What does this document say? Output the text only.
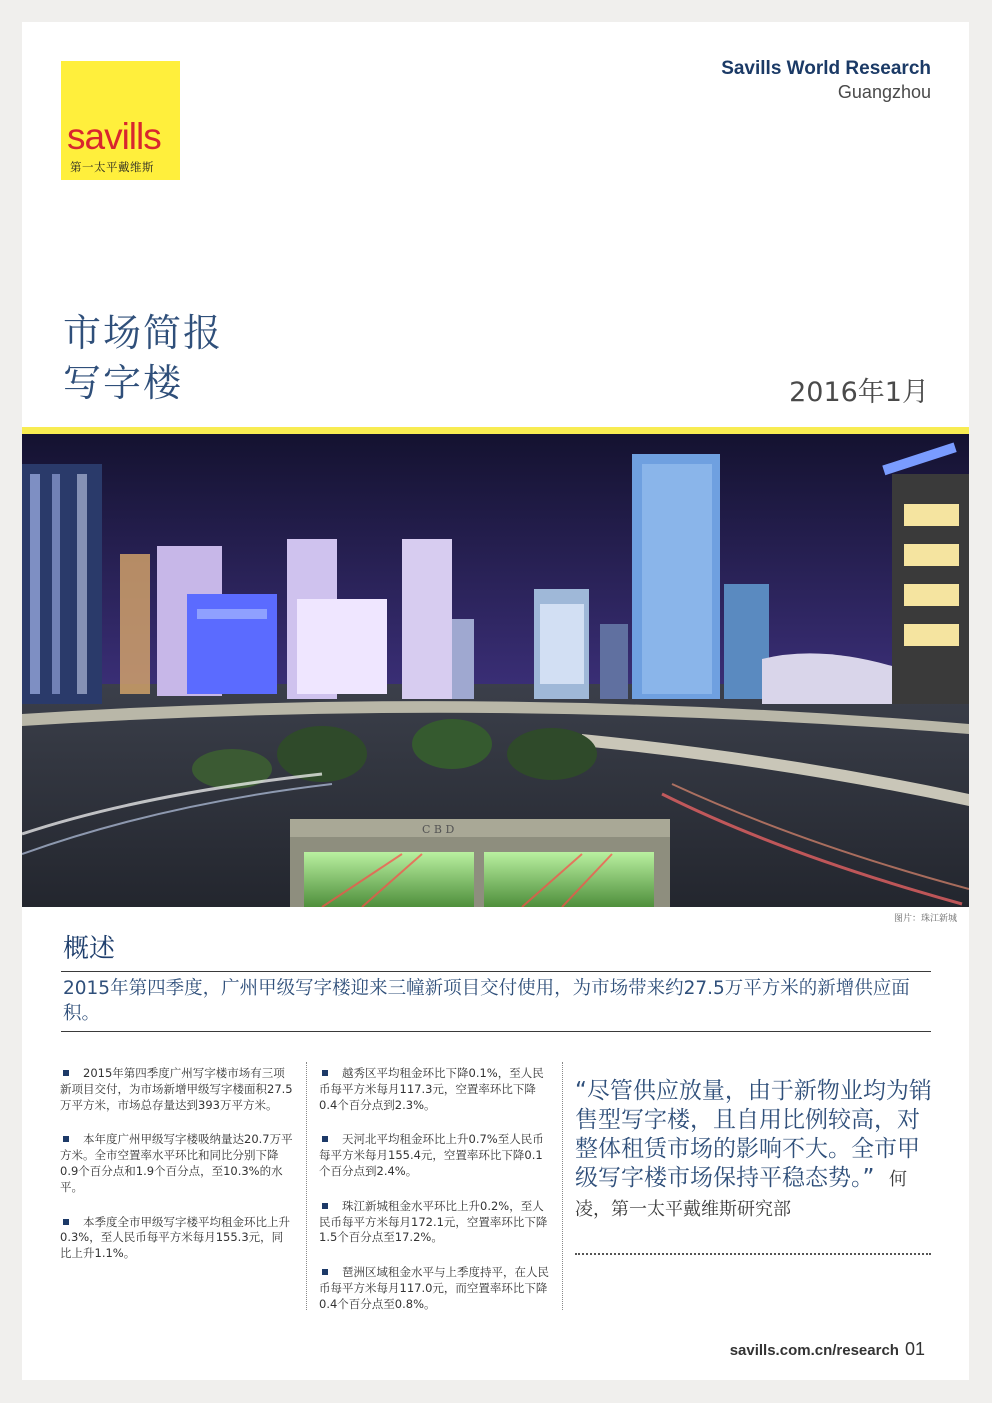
savills
第一太平戴维斯
Savills World Research
Guangzhou
市场简报
写字楼	2016年1月
C B D
图片：珠江新城
概述
2015年第四季度，广州甲级写字楼迎来三幢新项目交付使用，为市场带来约27.5万平方米的新增供应面积。
2015年第四季度广州写字楼市场有三项新项目交付，为市场新增甲级写字楼面积27.5万平方米，市场总存量达到393万平方米。
本年度广州甲级写字楼吸纳量达20.7万平方米。全市空置率水平环比和同比分别下降0.9个百分点和1.9个百分点，至10.3%的水平。
本季度全市甲级写字楼平均租金环比上升0.3%，至人民币每平方米每月155.3元，同比上升1.1%。
越秀区平均租金环比下降0.1%，至人民币每平方米每月117.3元，空置率环比下降0.4个百分点到2.3%。
天河北平均租金环比上升0.7%至人民币每平方米每月155.4元，空置率环比下降0.1个百分点到2.4%。
珠江新城租金水平环比上升0.2%，至人民币每平方米每月172.1元，空置率环比下降1.5个百分点至17.2%。
琶洲区域租金水平与上季度持平，在人民币每平方米每月117.0元，而空置率环比下降0.4个百分点至0.8%。
“尽管供应放量，由于新物业均为销售型写字楼，且自用比例较高，对整体租赁市场的影响不大。全市甲级写字楼市场保持平稳态势。” 何凌，第一太平戴维斯研究部
savills.com.cn/research 01
